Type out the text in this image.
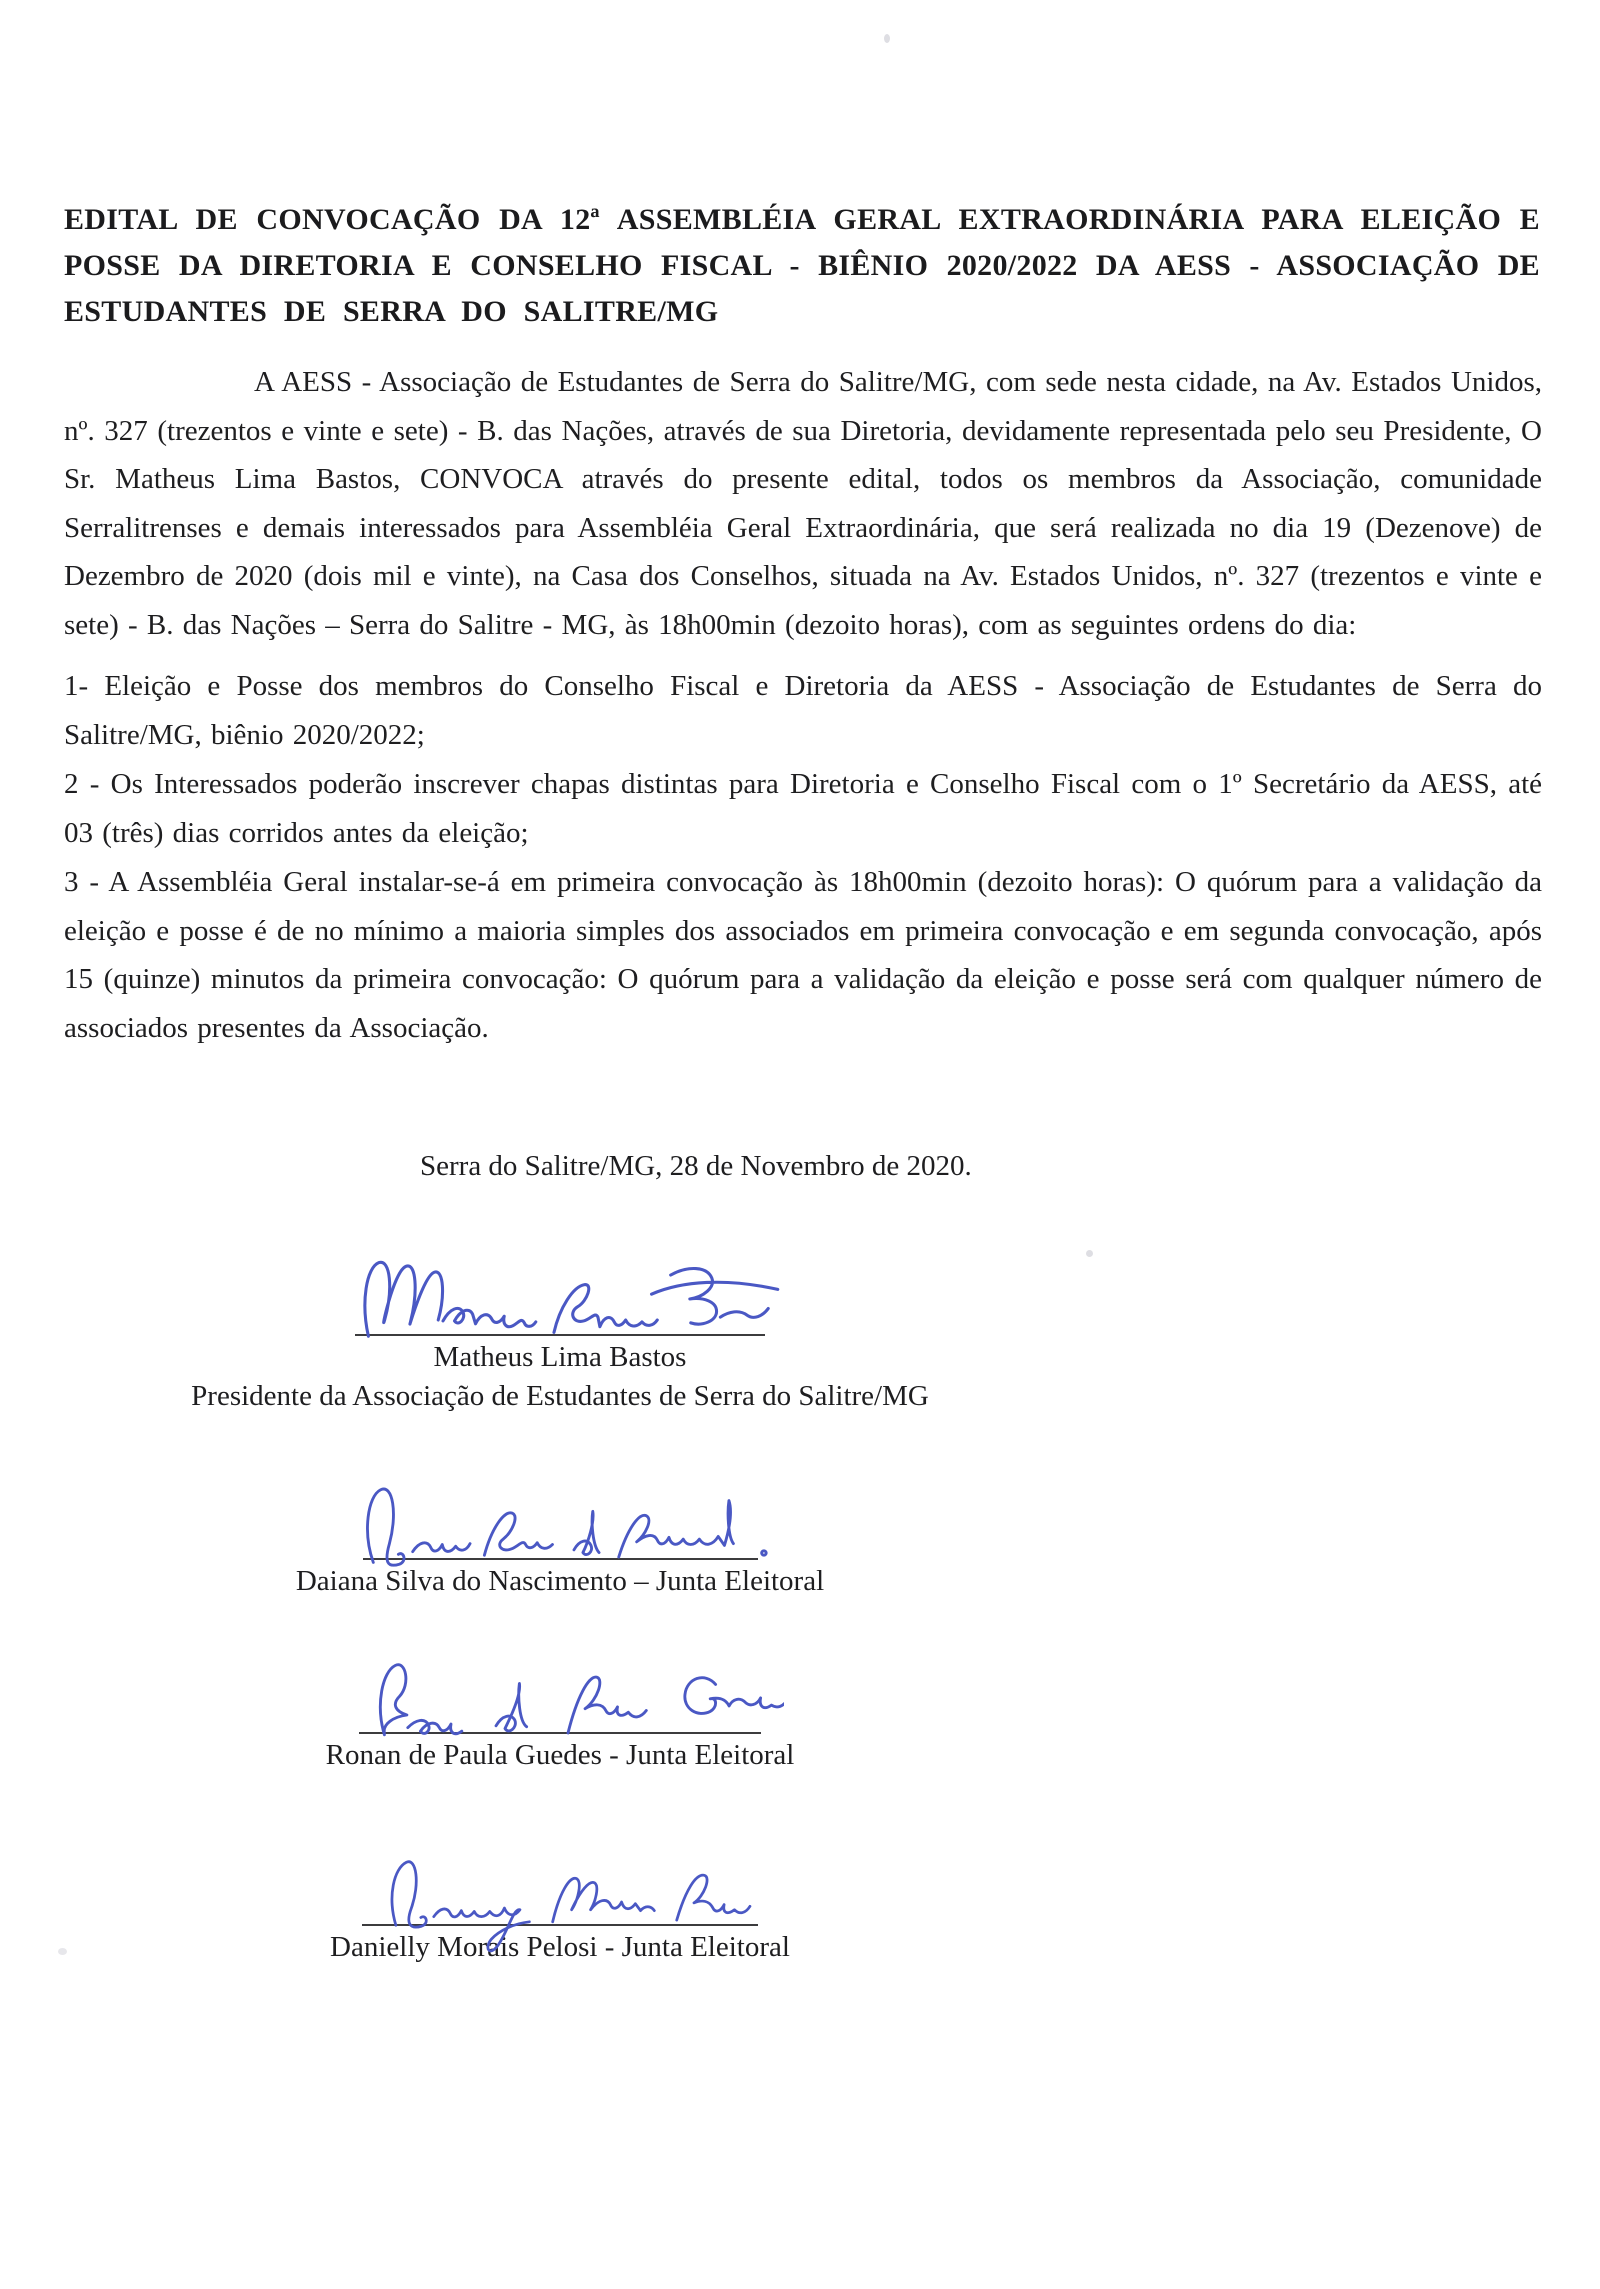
EDITAL DE CONVOCAÇÃO DA 12ª ASSEMBLÉIA GERAL EXTRAORDINÁRIA PARA ELEIÇÃO E POSSE DA DIRETORIA E CONSELHO FISCAL - BIÊNIO 2020/2022 DA AESS - ASSOCIAÇÃO DE ESTUDANTES DE SERRA DO SALITRE/MG
A AESS - Associação de Estudantes de Serra do Salitre/MG, com sede nesta cidade, na Av. Estados Unidos, nº. 327 (trezentos e vinte e sete) - B. das Nações, através de sua Diretoria, devidamente representada pelo seu Presidente, O Sr. Matheus Lima Bastos, CONVOCA através do presente edital, todos os membros da Associação, comunidade Serralitrenses e demais interessados para Assembléia Geral Extraordinária, que será realizada no dia 19 (Dezenove) de Dezembro de 2020 (dois mil e vinte), na Casa dos Conselhos, situada na Av. Estados Unidos, nº. 327 (trezentos e vinte e sete) - B. das Nações – Serra do Salitre - MG, às 18h00min (dezoito horas), com as seguintes ordens do dia:
1- Eleição e Posse dos membros do Conselho Fiscal e Diretoria da AESS - Associação de Estudantes de Serra do Salitre/MG, biênio 2020/2022;
2 - Os Interessados poderão inscrever chapas distintas para Diretoria e Conselho Fiscal com o 1º Secretário da AESS, até 03 (três) dias corridos antes da eleição;
3 - A Assembléia Geral instalar-se-á em primeira convocação às 18h00min (dezoito horas): O quórum para a validação da eleição e posse é de no mínimo a maioria simples dos associados em primeira convocação e em segunda convocação, após 15 (quinze) minutos da primeira convocação: O quórum para a validação da eleição e posse será com qualquer número de associados presentes da Associação.
Serra do Salitre/MG, 28 de Novembro de 2020.
Matheus Lima Bastos
Presidente da Associação de Estudantes de Serra do Salitre/MG
Daiana Silva do Nascimento – Junta Eleitoral
Ronan de Paula Guedes - Junta Eleitoral
Danielly Morais Pelosi - Junta Eleitoral
